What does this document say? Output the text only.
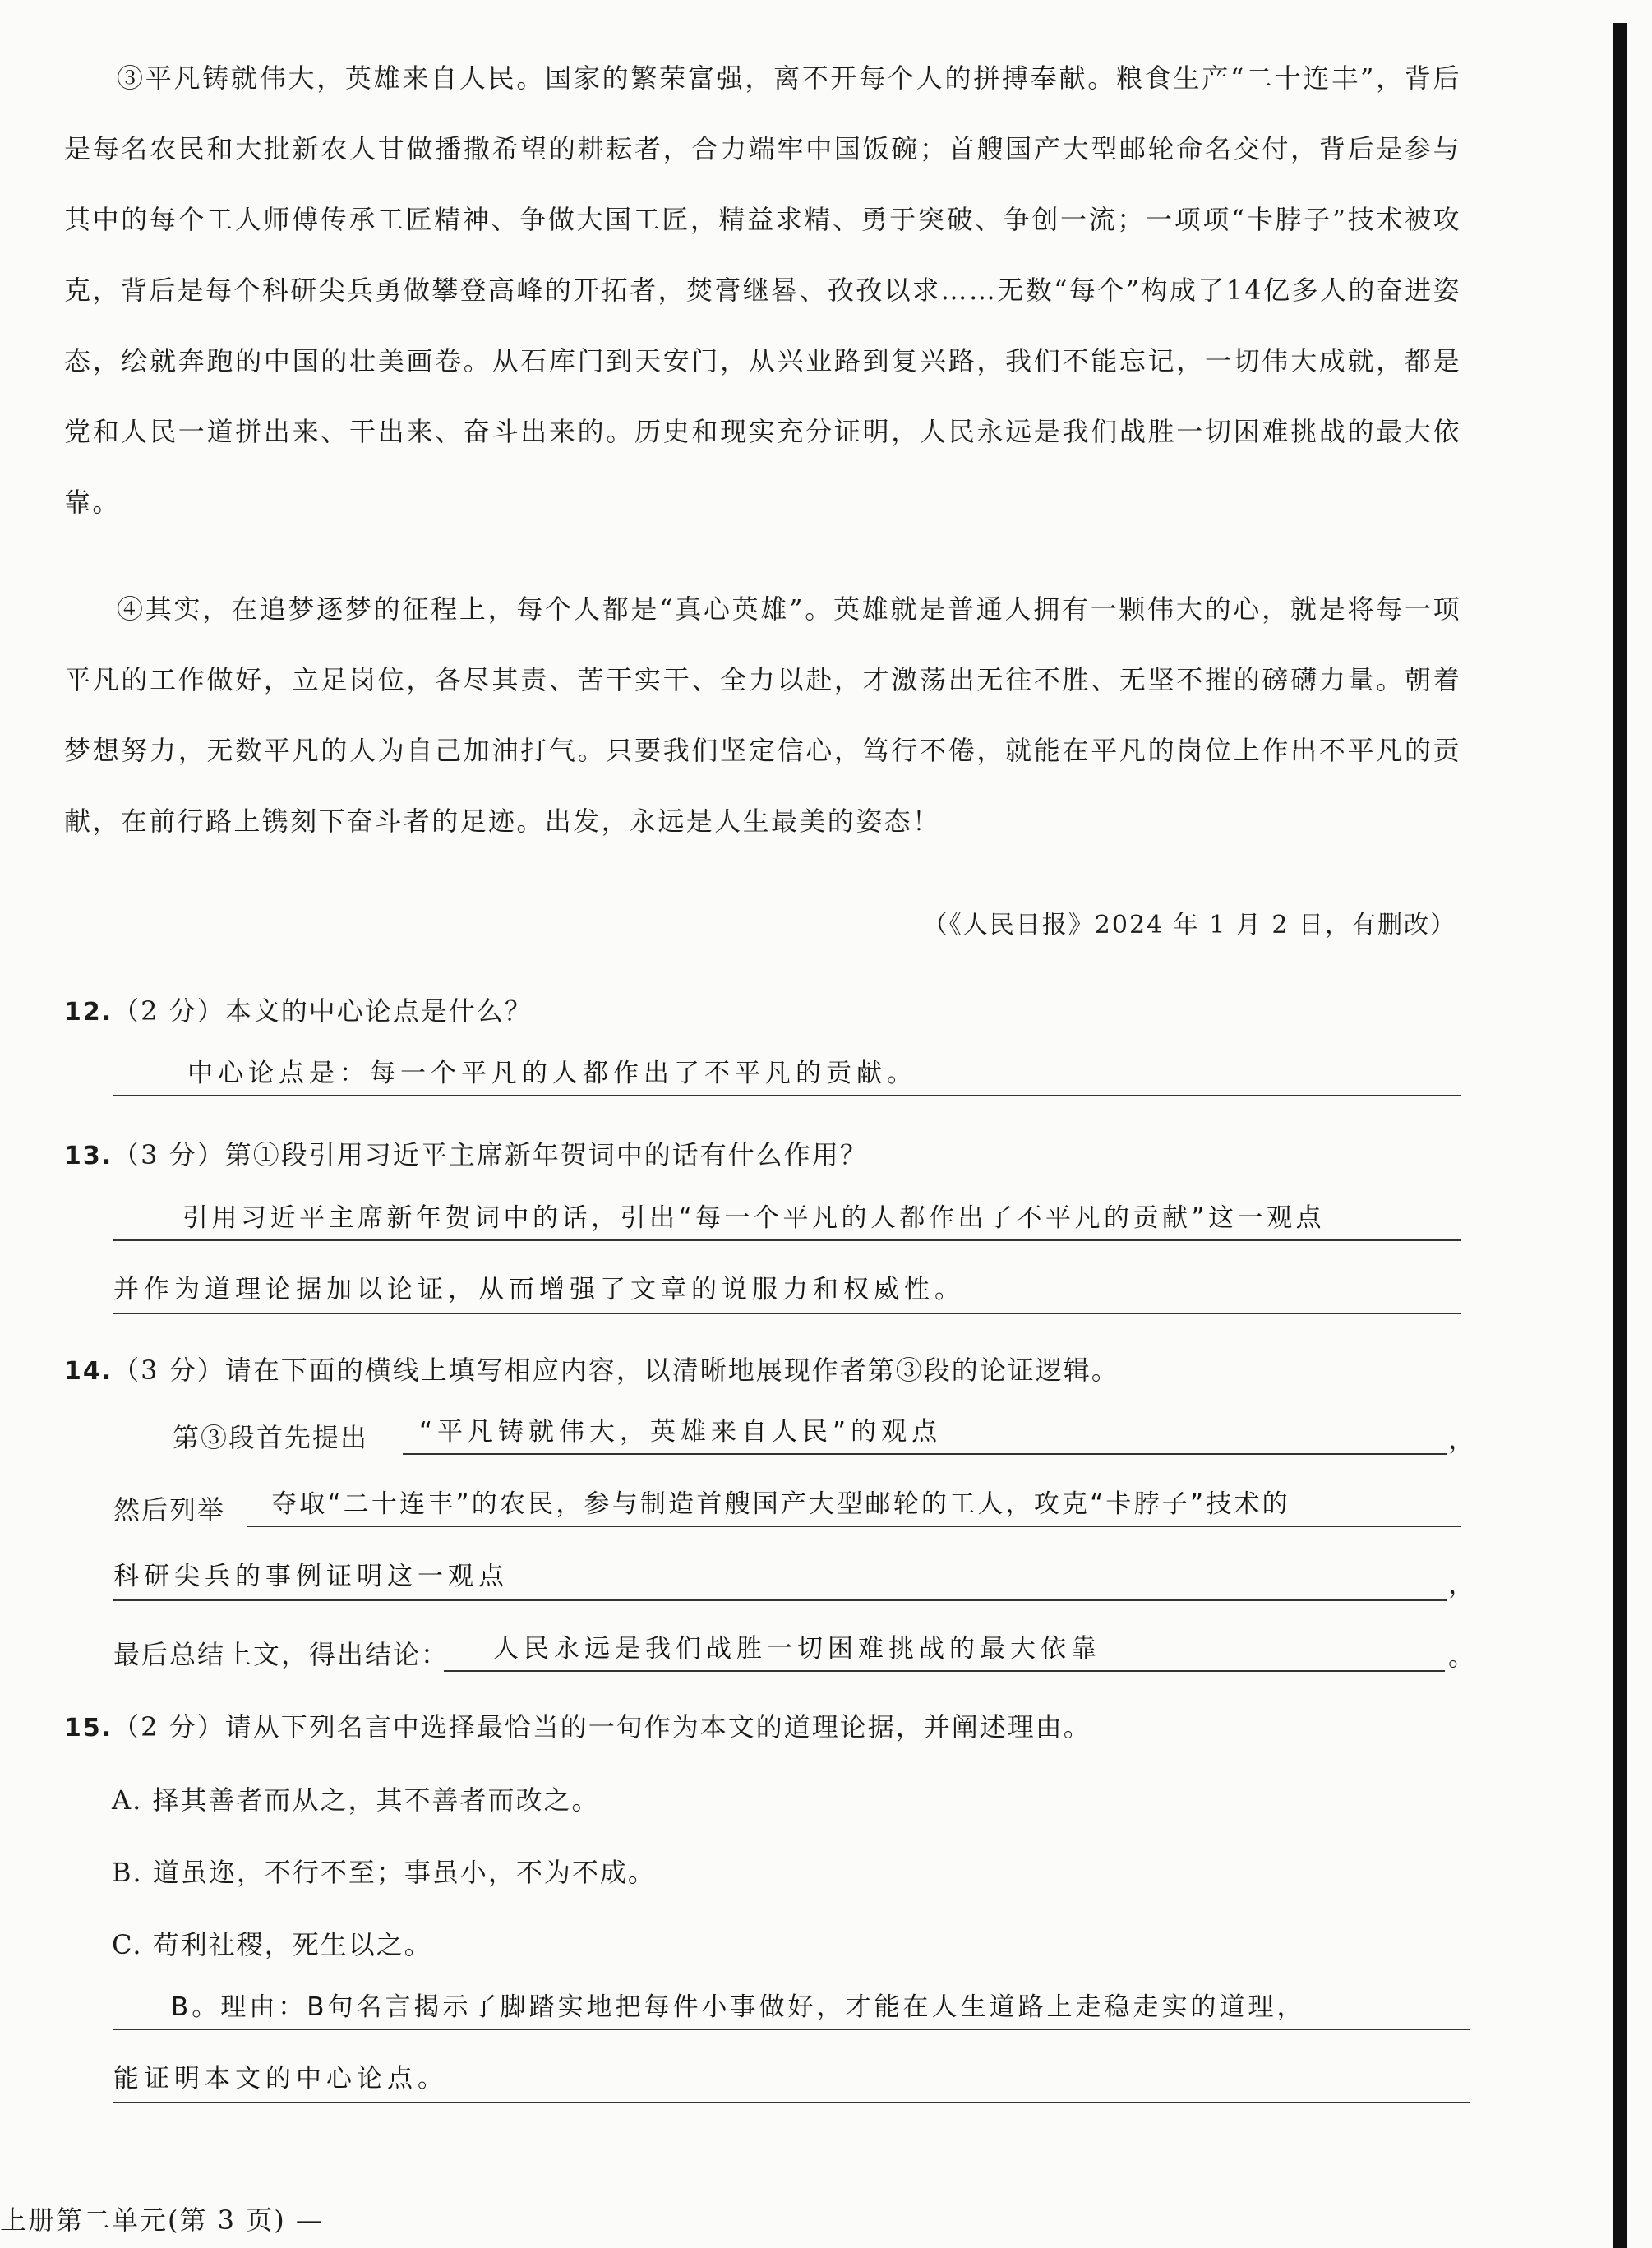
③平凡铸就伟大，英雄来自人民。国家的繁荣富强，离不开每个人的拼搏奉献。粮食生产“二十连丰”，背后是每名农民和大批新农人甘做播撒希望的耕耘者，合力端牢中国饭碗；首艘国产大型邮轮命名交付，背后是参与其中的每个工人师傅传承工匠精神、争做大国工匠，精益求精、勇于突破、争创一流；一项项“卡脖子”技术被攻克，背后是每个科研尖兵勇做攀登高峰的开拓者，焚膏继晷、孜孜以求……无数“每个”构成了14亿多人的奋进姿态，绘就奔跑的中国的壮美画卷。从石库门到天安门，从兴业路到复兴路，我们不能忘记，一切伟大成就，都是党和人民一道拼出来、干出来、奋斗出来的。历史和现实充分证明，人民永远是我们战胜一切困难挑战的最大依靠。

④其实，在追梦逐梦的征程上，每个人都是“真心英雄”。英雄就是普通人拥有一颗伟大的心，就是将每一项平凡的工作做好，立足岗位，各尽其责、苦干实干、全力以赴，才激荡出无往不胜、无坚不摧的磅礴力量。朝着梦想努力，无数平凡的人为自己加油打气。只要我们坚定信心，笃行不倦，就能在平凡的岗位上作出不平凡的贡献，在前行路上镌刻下奋斗者的足迹。出发，永远是人生最美的姿态！

（《人民日报》2024 年 1 月 2 日，有删改）
12.（2 分）本文的中心论点是什么？
中心论点是：每一个平凡的人都作出了不平凡的贡献。
13.（3 分）第①段引用习近平主席新年贺词中的话有什么作用？
引用习近平主席新年贺词中的话，引出“每一个平凡的人都作出了不平凡的贡献”这一观点
并作为道理论据加以论证，从而增强了文章的说服力和权威性。
14.（3 分）请在下面的横线上填写相应内容，以清晰地展现作者第③段的论证逻辑。
第③段首先提出	“平凡铸就伟大，英雄来自人民”的观点	，
然后列举	夺取“二十连丰”的农民，参与制造首艘国产大型邮轮的工人，攻克“卡脖子”技术的
科研尖兵的事例证明这一观点	，
最后总结上文，得出结论：	人民永远是我们战胜一切困难挑战的最大依靠	。
15.（2 分）请从下列名言中选择最恰当的一句作为本文的道理论据，并阐述理由。
A. 择其善者而从之，其不善者而改之。
B. 道虽迩，不行不至；事虽小，不为不成。
C. 苟利社稷，死生以之。
B。理由：B句名言揭示了脚踏实地把每件小事做好，才能在人生道路上走稳走实的道理，
能证明本文的中心论点。
上册第二单元(第 3 页) —
